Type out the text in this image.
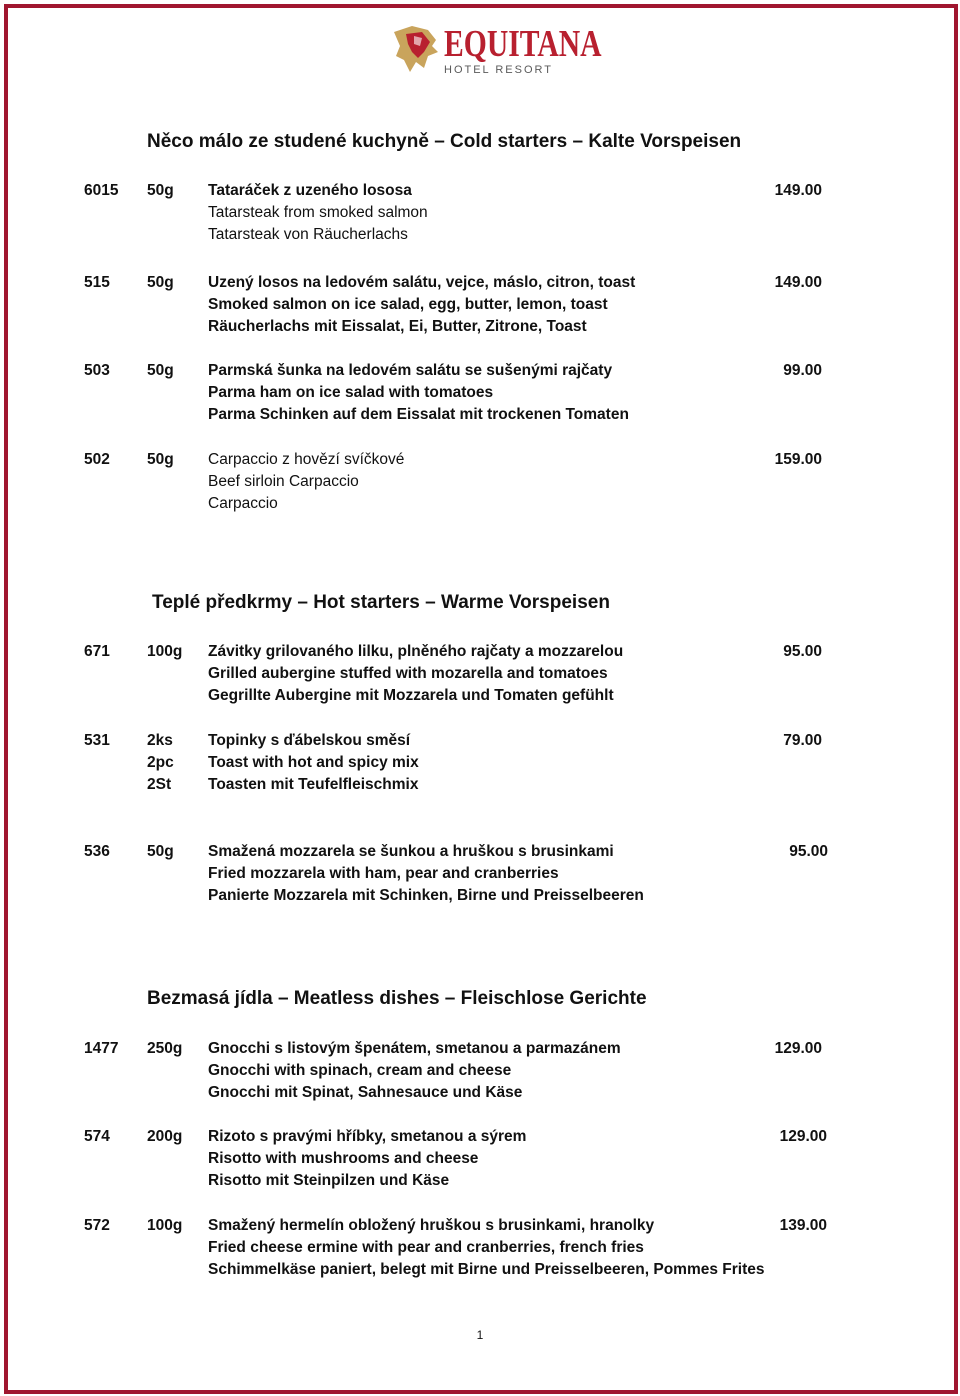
EQUITANA
HOTEL RESORT
Něco málo ze studené kuchyně – Cold starters – Kalte Vorspeisen
6015 50g Tataráček z uzeného lososa
Tatarsteak from smoked salmon
Tatarsteak von Räucherlachs
149.00
515 50g Uzený losos na ledovém salátu, vejce, máslo, citron, toast
Smoked salmon on ice salad, egg, butter, lemon, toast
Räucherlachs mit Eissalat, Ei, Butter, Zitrone, Toast
149.00
503 50g Parmská šunka na ledovém salátu se sušenými rajčaty
Parma ham on ice salad with tomatoes
Parma Schinken auf dem Eissalat mit trockenen Tomaten
99.00
502 50g Carpaccio z hovězí svíčkové
Beef sirloin Carpaccio
Carpaccio
159.00
Teplé předkrmy – Hot starters – Warme Vorspeisen
671 100g Závitky grilovaného lilku, plněného rajčaty a mozzarelou
Grilled aubergine stuffed with mozarella and tomatoes
Gegrillte Aubergine mit Mozzarela und Tomaten gefühlt
95.00
531 2ks
2pc
2St
Topinky s ďábelskou směsí
Toast with hot and spicy mix
Toasten mit Teufelfleischmix
79.00
536 50g Smažená mozzarela se šunkou a hruškou s brusinkami
Fried mozzarela with ham, pear and cranberries
Panierte Mozzarela mit Schinken, Birne und Preisselbeeren
95.00
Bezmasá jídla – Meatless dishes – Fleischlose Gerichte
1477 250g Gnocchi s listovým špenátem, smetanou a parmazánem
Gnocchi with spinach, cream and cheese
Gnocchi mit Spinat, Sahnesauce und Käse
129.00
574 200g Rizoto s pravými hříbky, smetanou a sýrem
Risotto with mushrooms and cheese
Risotto mit Steinpilzen und Käse
129.00
572 100g Smažený hermelín obložený hruškou s brusinkami, hranolky
Fried cheese ermine with pear and cranberries, french fries
Schimmelkäse paniert, belegt mit Birne und Preisselbeeren, Pommes Frites
139.00
1
